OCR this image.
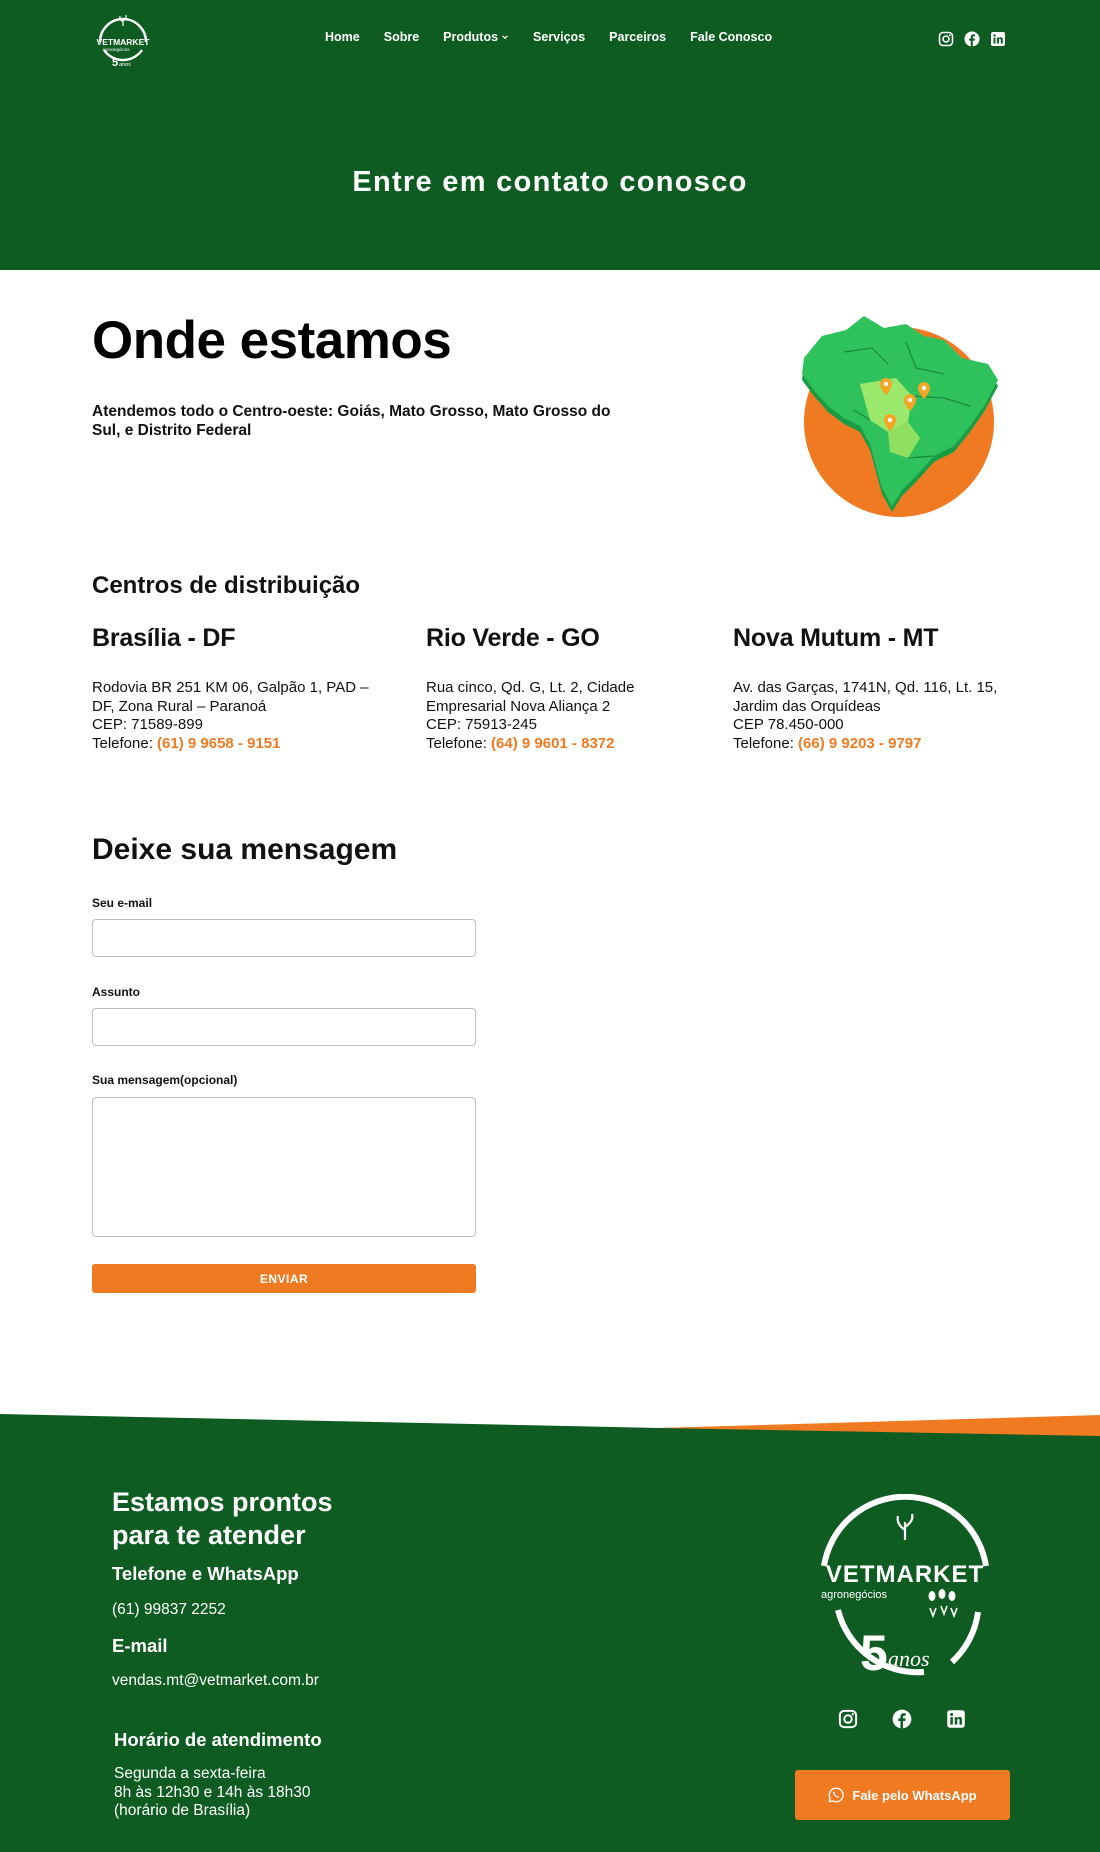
VETMARKET
agronegócios
5 anos
Home Sobre Produtos	Serviços Parceiros Fale Conosco
Entre em contato conosco
Onde estamos

Atendemos todo o Centro-oeste: Goiás, Mato Grosso, Mato Grosso do Sul, e Distrito Federal

Centros de distribuição
Brasília - DF

Rodovia BR 251 KM 06, Galpão 1, PAD –
DF, Zona Rural – Paranoá
CEP: 71589-899
Telefone: (61) 9 9658 - 9151

Rio Verde - GO

Rua cinco, Qd. G, Lt. 2, Cidade
Empresarial Nova Aliança 2
CEP: 75913-245
Telefone: (64) 9 9601 - 8372

Nova Mutum - MT

Av. das Garças, 1741N, Qd. 116, Lt. 15,
Jardim das Orquídeas
CEP 78.450-000
Telefone: (66) 9 9203 - 9797

Deixe sua mensagem
Seu e-mail
Assunto
Sua mensagem(opcional)
ENVIAR
Estamos prontos
para te atender
Telefone e WhatsApp

(61) 99837 2252

E-mail

vendas.mt@vetmarket.com.br

Horário de atendimento

Segunda a sexta-feira
8h às 12h30 e 14h às 18h30
(horário de Brasília)

VETMARKET
agronegócios
5 anos
Fale pelo WhatsApp
